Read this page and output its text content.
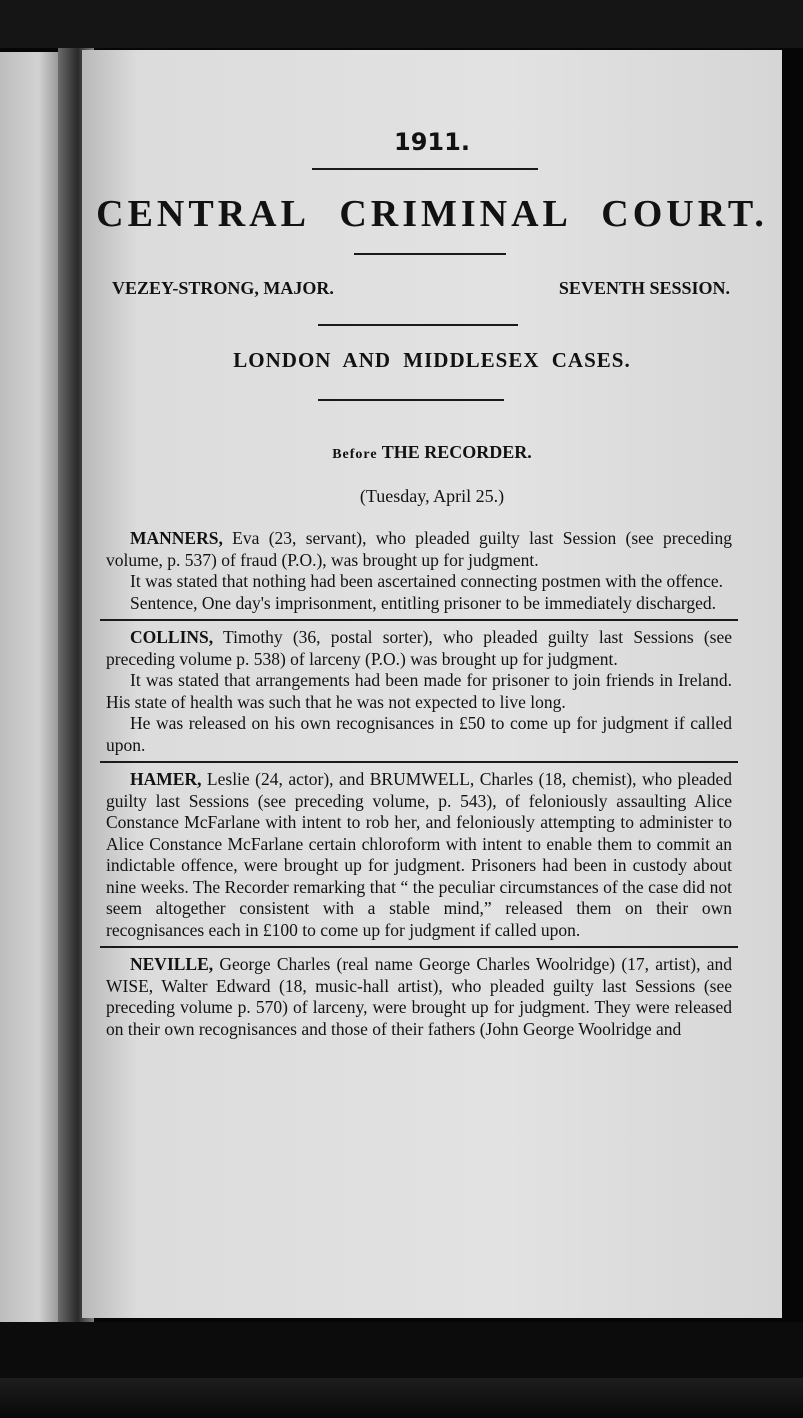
1911.
CENTRAL CRIMINAL COURT.
VEZEY-STRONG, MAJOR.	SEVENTH SESSION.
LONDON AND MIDDLESEX CASES.
Before THE RECORDER.
(Tuesday, April 25.)

MANNERS, Eva (23, servant), who pleaded guilty last Session (see preceding volume, p. 537) of fraud (P.O.), was brought up for judgment.

It was stated that nothing had been ascertained connecting postmen with the offence.

Sentence, One day's imprisonment, entitling prisoner to be immediately discharged.

COLLINS, Timothy (36, postal sorter), who pleaded guilty last Sessions (see preceding volume p. 538) of larceny (P.O.) was brought up for judgment.

It was stated that arrangements had been made for prisoner to join friends in Ireland. His state of health was such that he was not expected to live long.

He was released on his own recognisances in £50 to come up for judgment if called upon.

HAMER, Leslie (24, actor), and BRUMWELL, Charles (18, chemist), who pleaded guilty last Sessions (see preceding volume, p. 543), of feloniously assaulting Alice Constance McFarlane with intent to rob her, and feloniously attempting to administer to Alice Constance McFarlane certain chloroform with intent to enable them to commit an indictable offence, were brought up for judgment. Prisoners had been in custody about nine weeks. The Recorder remarking that “ the peculiar circumstances of the case did not seem altogether consistent with a stable mind,” released them on their own recognisances each in £100 to come up for judgment if called upon.

NEVILLE, George Charles (real name George Charles Woolridge) (17, artist), and WISE, Walter Edward (18, music-hall artist), who pleaded guilty last Sessions (see preceding volume p. 570) of larceny, were brought up for judgment. They were released on their own recognisances and those of their fathers (John George Woolridge and
